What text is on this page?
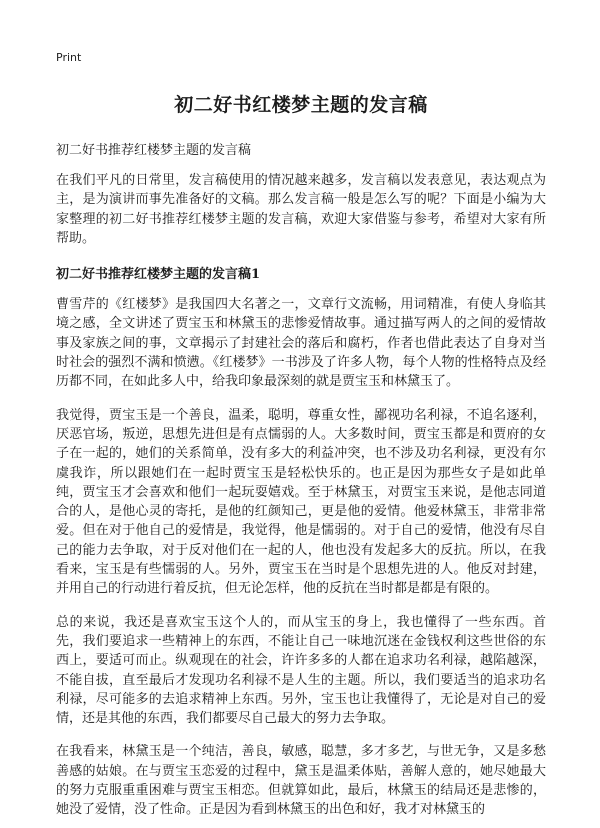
Print
初二好书红楼梦主题的发言稿

初二好书推荐红楼梦主题的发言稿

在我们平凡的日常里，发言稿使用的情况越来越多，发言稿以发表意见，表达观点为主，是为演讲而事先准备好的文稿。那么发言稿一般是怎么写的呢？下面是小编为大家整理的初二好书推荐红楼梦主题的发言稿，欢迎大家借鉴与参考，希望对大家有所帮助。

初二好书推荐红楼梦主题的发言稿1

曹雪芹的《红楼梦》是我国四大名著之一，文章行文流畅，用词精准，有使人身临其境之感，全文讲述了贾宝玉和林黛玉的悲惨爱情故事。通过描写两人的之间的爱情故事及家族之间的事，文章揭示了封建社会的落后和腐朽，作者也借此表达了自身对当时社会的强烈不满和愤懑。《红楼梦》一书涉及了许多人物，每个人物的性格特点及经历都不同，在如此多人中，给我印象最深刻的就是贾宝玉和林黛玉了。

我觉得，贾宝玉是一个善良，温柔，聪明，尊重女性，鄙视功名利禄，不追名逐利，厌恶官场，叛逆，思想先进但是有点懦弱的人。大多数时间，贾宝玉都是和贾府的女子在一起的，她们的关系简单，没有多大的利益冲突，也不涉及功名利禄，更没有尔虞我诈，所以跟她们在一起时贾宝玉是轻松快乐的。也正是因为那些女子是如此单纯，贾宝玉才会喜欢和他们一起玩耍嬉戏。至于林黛玉，对贾宝玉来说，是他志同道合的人，是他心灵的寄托，是他的红颜知己，更是他的爱情。他爱林黛玉，非常非常爱。但在对于他自己的爱情是，我觉得，他是懦弱的。对于自己的爱情，他没有尽自己的能力去争取，对于反对他们在一起的人，他也没有发起多大的反抗。所以，在我看来，宝玉是有些懦弱的人。另外，贾宝玉在当时是个思想先进的人。他反对封建，并用自己的行动进行着反抗，但无论怎样，他的反抗在当时都是都是有限的。

总的来说，我还是喜欢宝玉这个人的，而从宝玉的身上，我也懂得了一些东西。首先，我们要追求一些精神上的东西，不能让自己一味地沉迷在金钱权利这些世俗的东西上，要适可而止。纵观现在的社会，许许多多的人都在追求功名利禄，越陷越深，不能自拔，直至最后才发现功名利禄不是人生的主题。所以，我们要适当的追求功名利禄，尽可能多的去追求精神上东西。另外，宝玉也让我懂得了，无论是对自己的爱情，还是其他的东西，我们都要尽自己最大的努力去争取。

在我看来，林黛玉是一个纯洁，善良，敏感，聪慧，多才多艺，与世无争，又是多愁善感的姑娘。在与贾宝玉恋爱的过程中，黛玉是温柔体贴，善解人意的，她尽她最大的努力克服重重困难与贾宝玉相恋。但就算如此，最后，林黛玉的结局还是悲惨的，她没了爱情，没了性命。正是因为看到林黛玉的出色和好，我才对林黛玉的
